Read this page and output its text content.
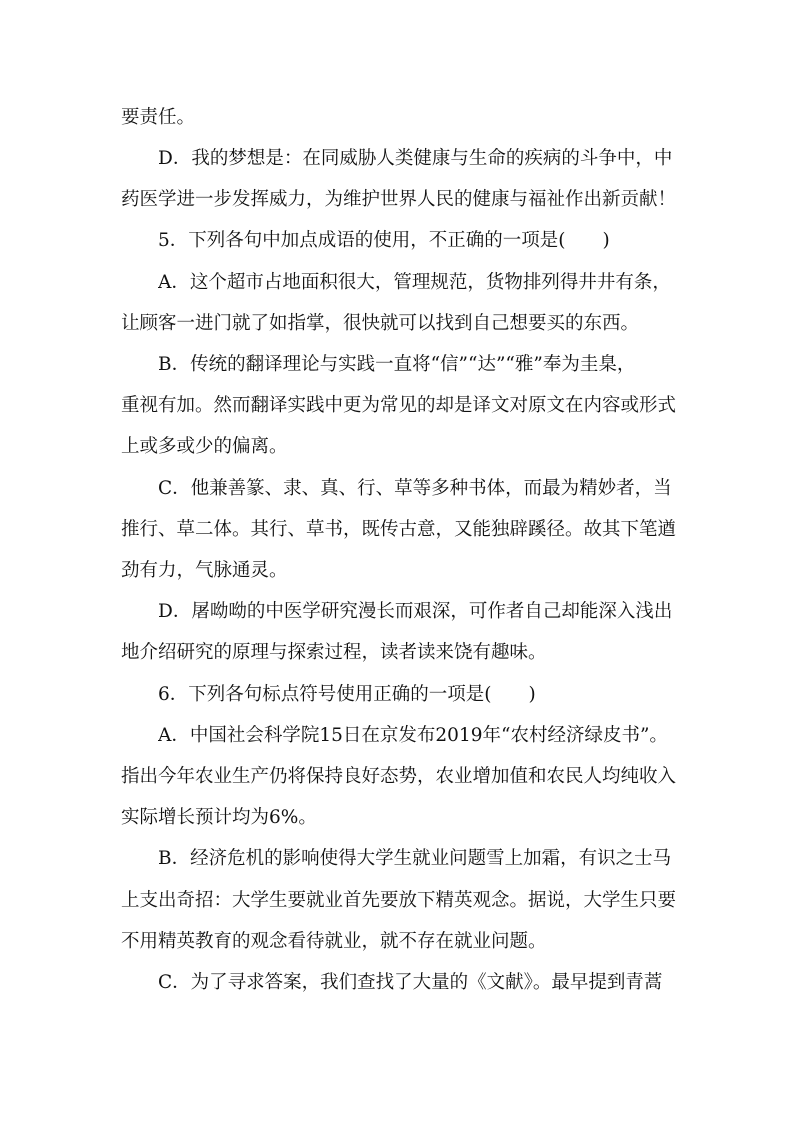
要责任。
D．我的梦想是：在同威胁人类健康与生命的疾病的斗争中，中
药医学进一步发挥威力，为维护世界人民的健康与福祉作出新贡献！
5．下列各句中加点成语的使用，不正确的一项是(　　)
A．这个超市占地面积很大，管理规范，货物排列得井井有条，
让顾客一进门就了如指掌，很快就可以找到自己想要买的东西。
B．传统的翻译理论与实践一直将“信”“达”“雅”奉为圭臬，
重视有加。然而翻译实践中更为常见的却是译文对原文在内容或形式
上或多或少的偏离。
C．他兼善篆、隶、真、行、草等多种书体，而最为精妙者，当
推行、草二体。其行、草书，既传古意，又能独辟蹊径。故其下笔遒
劲有力，气脉通灵。
D．屠呦呦的中医学研究漫长而艰深，可作者自己却能深入浅出
地介绍研究的原理与探索过程，读者读来饶有趣味。
6．下列各句标点符号使用正确的一项是(　　)
A．中国社会科学院15日在京发布2019年“农村经济绿皮书”。
指出今年农业生产仍将保持良好态势，农业增加值和农民人均纯收入
实际增长预计均为6%。
B．经济危机的影响使得大学生就业问题雪上加霜，有识之士马
上支出奇招：大学生要就业首先要放下精英观念。据说，大学生只要
不用精英教育的观念看待就业，就不存在就业问题。
C．为了寻求答案，我们查找了大量的《文献》。最早提到青蒿
